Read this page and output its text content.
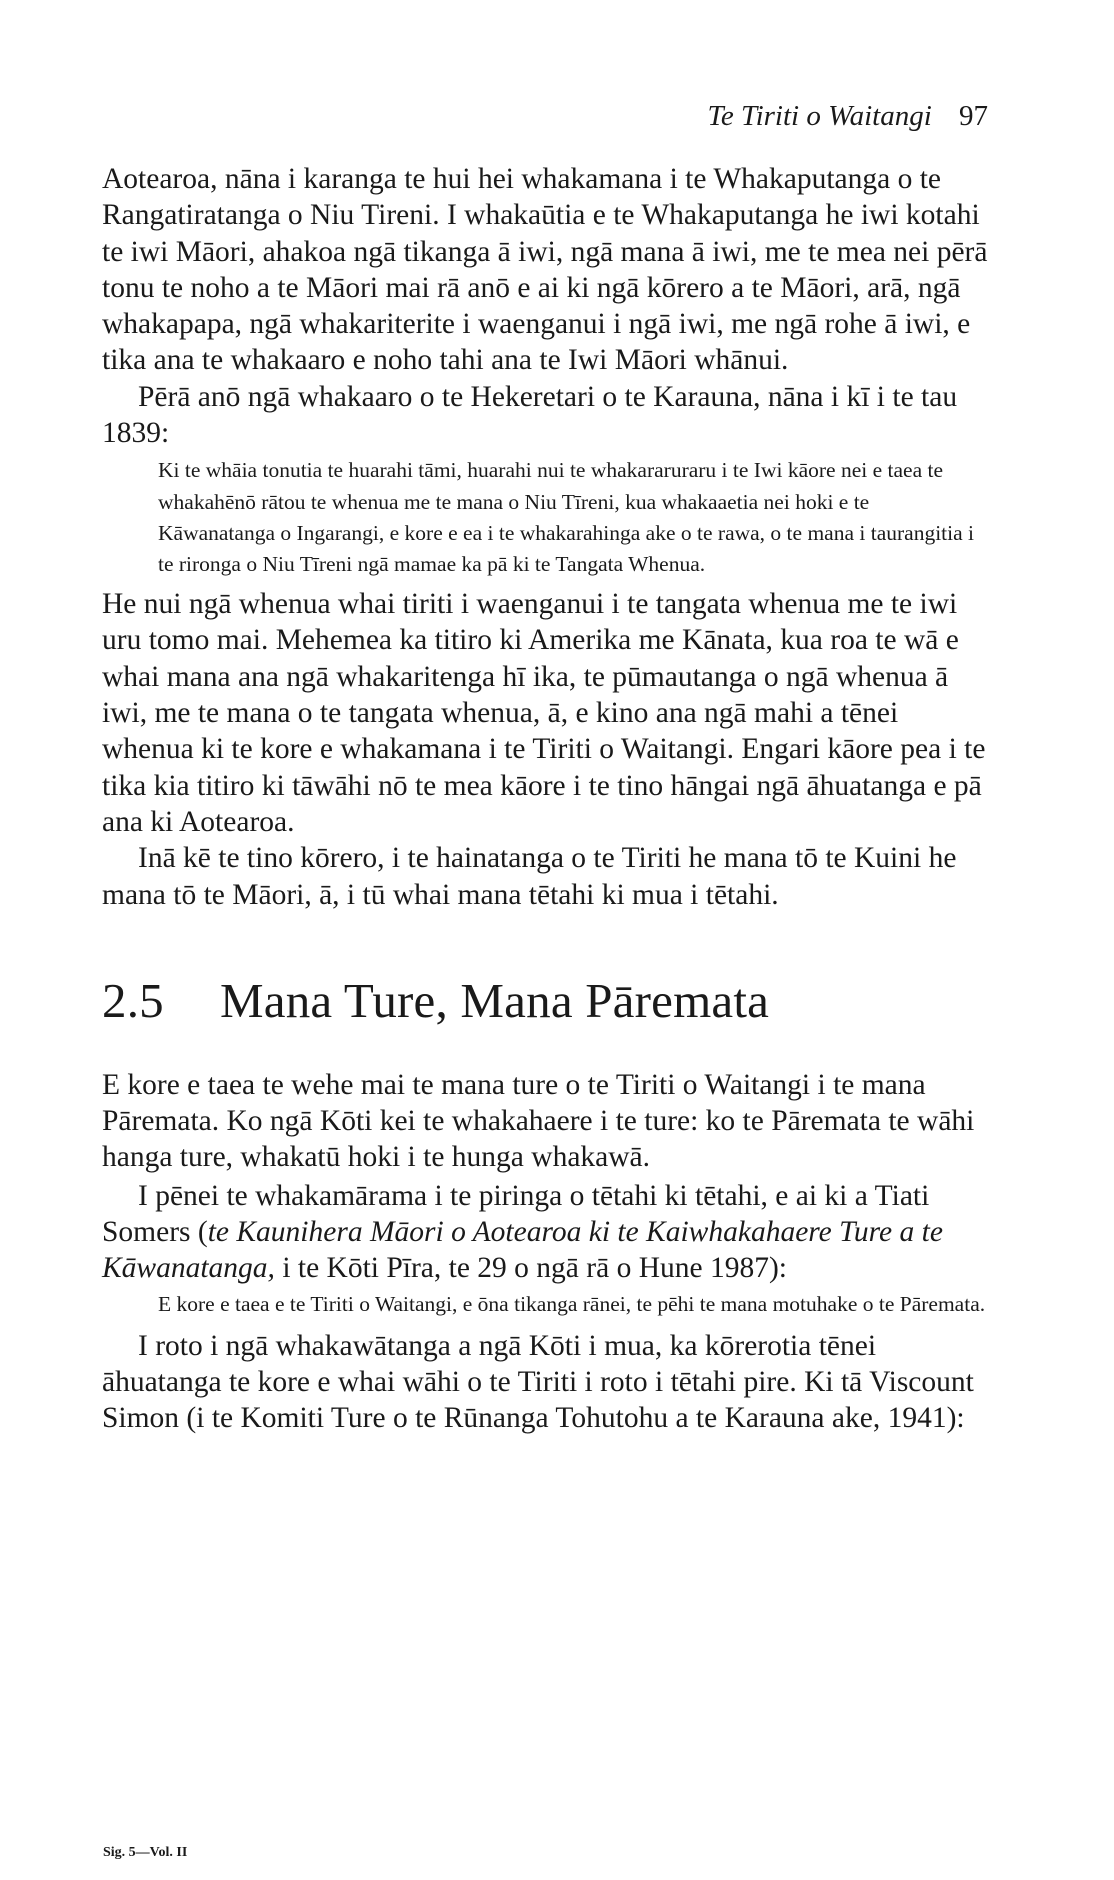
Te Tiriti o Waitangi 97

Aotearoa, nāna i karanga te hui hei whakamana i te Whakaputanga o te Rangatiratanga o Niu Tireni. I whakaūtia e te Whakaputanga he iwi kotahi te iwi Māori, ahakoa ngā tikanga ā iwi, ngā mana ā iwi, me te mea nei pērā tonu te noho a te Māori mai rā anō e ai ki ngā kōrero a te Māori, arā, ngā whakapapa, ngā whakariterite i waenganui i ngā iwi, me ngā rohe ā iwi, e tika ana te whakaaro e noho tahi ana te Iwi Māori whānui.

Pērā anō ngā whakaaro o te Hekeretari o te Karauna, nāna i kī i te tau 1839:

Ki te whāia tonutia te huarahi tāmi, huarahi nui te whakararuraru i te Iwi kāore nei e taea te whakahēnō rātou te whenua me te mana o Niu Tīreni, kua whakaaetia nei hoki e te Kāwanatanga o Ingarangi, e kore e ea i te whakarahinga ake o te rawa, o te mana i taurangitia i te rironga o Niu Tīreni ngā mamae ka pā ki te Tangata Whenua.

He nui ngā whenua whai tiriti i waenganui i te tangata whenua me te iwi uru tomo mai. Mehemea ka titiro ki Amerika me Kānata, kua roa te wā e whai mana ana ngā whakaritenga hī ika, te pūmautanga o ngā whenua ā iwi, me te mana o te tangata whenua, ā, e kino ana ngā mahi a tēnei whenua ki te kore e whakamana i te Tiriti o Waitangi. Engari kāore pea i te tika kia titiro ki tāwāhi nō te mea kāore i te tino hāngai ngā āhuatanga e pā ana ki Aotearoa.

Inā kē te tino kōrero, i te hainatanga o te Tiriti he mana tō te Kuini he mana tō te Māori, ā, i tū whai mana tētahi ki mua i tētahi.

2.5 Mana Ture, Mana Pāremata

E kore e taea te wehe mai te mana ture o te Tiriti o Waitangi i te mana Pāremata. Ko ngā Kōti kei te whakahaere i te ture: ko te Pāremata te wāhi hanga ture, whakatū hoki i te hunga whakawā.

I pēnei te whakamārama i te piringa o tētahi ki tētahi, e ai ki a Tiati Somers (te Kaunihera Māori o Aotearoa ki te Kaiwhakahaere Ture a te Kāwanatanga, i te Kōti Pīra, te 29 o ngā rā o Hune 1987):

E kore e taea e te Tiriti o Waitangi, e ōna tikanga rānei, te pēhi te mana motuhake o te Pāremata.

I roto i ngā whakawātanga a ngā Kōti i mua, ka kōrerotia tēnei āhuatanga te kore e whai wāhi o te Tiriti i roto i tētahi pire. Ki tā Viscount Simon (i te Komiti Ture o te Rūnanga Tohutohu a te Karauna ake, 1941):

Sig. 5—Vol. II
